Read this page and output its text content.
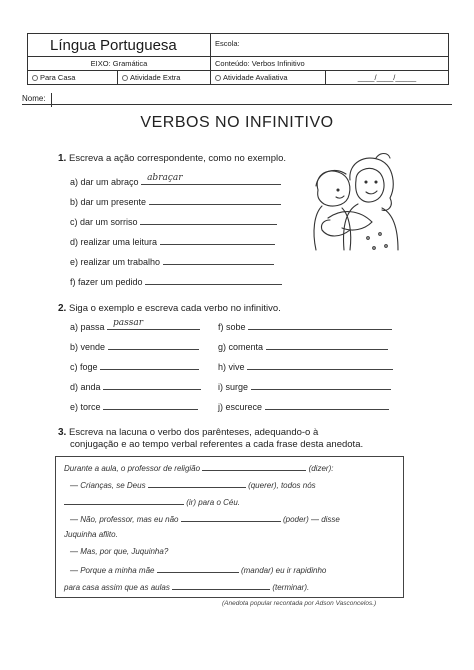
Língua Portuguesa	Escola:
EIXO: Gramática	Conteúdo: Verbos Infinitivo
Para Casa	Atividade Extra	Atividade Avaliativa	____/____/_____
Nome:
VERBOS NO INFINITIVO
1. Escreva a ação correspondente, como no exemplo.
a) dar um abraço abraçar
b) dar um presente
c) dar um sorriso
d) realizar uma leitura
e) realizar um trabalho
f) fazer um pedido
2. Siga o exemplo e escreva cada verbo no infinitivo.
a) passa passar
b) vende
c) foge
d) anda
e) torce
f) sobe
g) comenta
h) vive
i) surge
j) escurece
3. Escreva na lacuna o verbo dos parênteses, adequando-o à
conjugação e ao tempo verbal referentes a cada frase desta anedota.
Durante a aula, o professor de religião	(dizer):
— Crianças, se Deus	(querer), todos nós
(ir) para o Céu.
— Não, professor, mas eu não	(poder) — disse
Juquinha aflito.
— Mas, por que, Juquinha?
— Porque a minha mãe	(mandar) eu ir rapidinho
para casa assim que as aulas	(terminar).
(Anedota popular recontada por Adson Vasconcelos.)
